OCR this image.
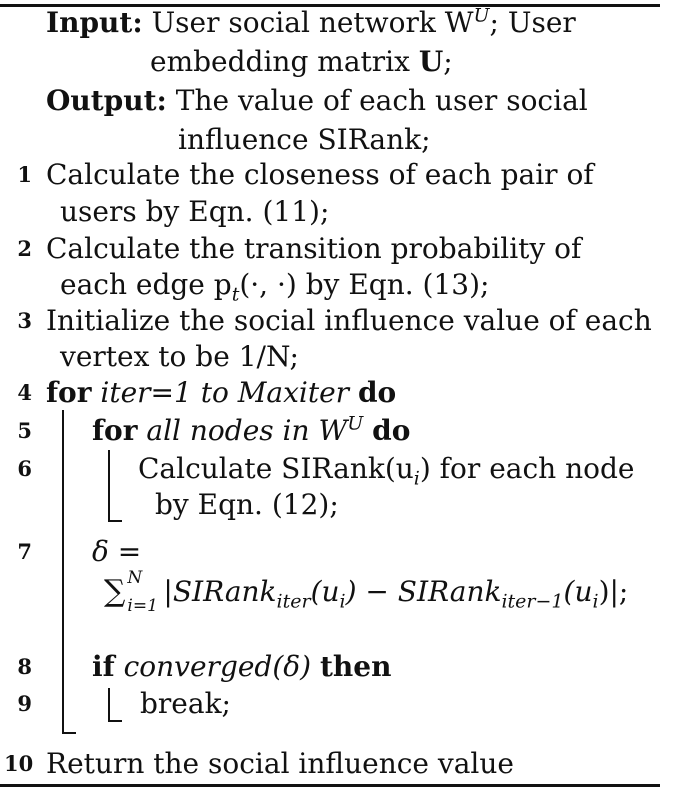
Input: User social network $W^U$; User
embedding matrix U;
Output: The value of each user social
influence SIRank;
1 Calculate the closeness of each pair of
users by Eqn. (11);
2 Calculate the transition probability of
each edge $p_t(\cdot$, ·) by Eqn. (13);
3 Initialize the social influence value of each
vertex to be 1/N;
4 for iter=1 to Maxiter do
5 for all nodes in $W^U$ do
6	Calculate $SIRank(u_i)$ for each node
by Eqn. (12);
7 δ =
∑ N
i=1 $|SIRank_{iter}(u_i)$ − $SIRank_{iter-1}(u_i)|$;
8 if converged(δ) then
9	break;
10 Return the social influence value
